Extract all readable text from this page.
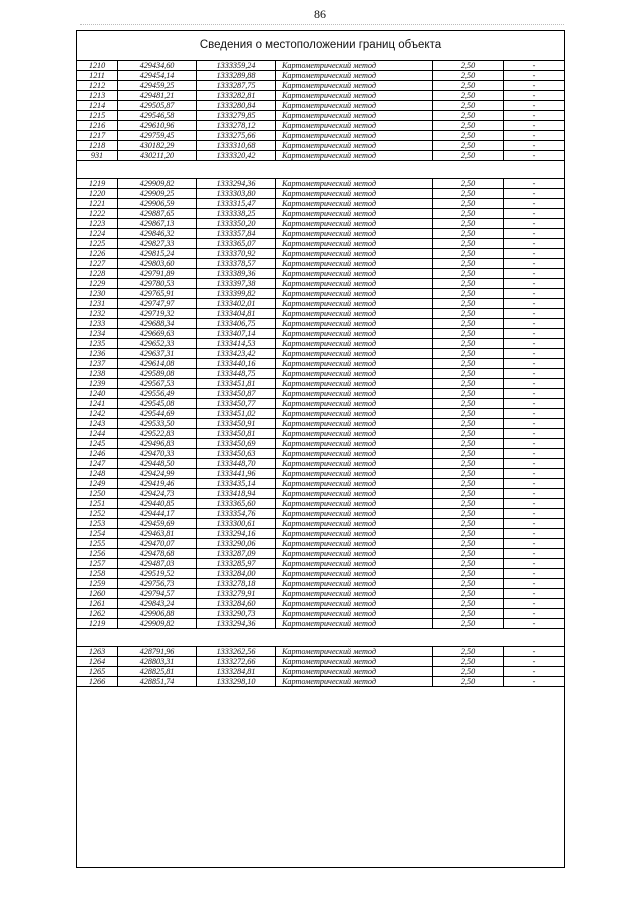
86
Сведения о местоположении границ объекта
1210	429434,60	1333359,24	Картометрический метод	2,50	-
1211	429454,14	1333289,88	Картометрический метод	2,50	-
1212	429459,25	1333287,75	Картометрический метод	2,50	-
1213	429481,21	1333282,81	Картометрический метод	2,50	-
1214	429505,87	1333280,84	Картометрический метод	2,50	-
1215	429546,58	1333279,85	Картометрический метод	2,50	-
1216	429610,96	1333278,12	Картометрический метод	2,50	-
1217	429759,45	1333275,66	Картометрический метод	2,50	-
1218	430182,29	1333310,68	Картометрический метод	2,50	-
931	430211,20	1333320,42	Картометрический метод	2,50	-
1219	429909,82	1333294,36	Картометрический метод	2,50	-
1220	429909,25	1333303,80	Картометрический метод	2,50	-
1221	429906,59	1333315,47	Картометрический метод	2,50	-
1222	429887,65	1333338,25	Картометрический метод	2,50	-
1223	429867,13	1333350,20	Картометрический метод	2,50	-
1224	429846,32	1333357,84	Картометрический метод	2,50	-
1225	429827,33	1333365,07	Картометрический метод	2,50	-
1226	429815,24	1333370,92	Картометрический метод	2,50	-
1227	429803,60	1333378,57	Картометрический метод	2,50	-
1228	429791,89	1333389,36	Картометрический метод	2,50	-
1229	429780,53	1333397,38	Картометрический метод	2,50	-
1230	429765,91	1333399,82	Картометрический метод	2,50	-
1231	429747,97	1333402,01	Картометрический метод	2,50	-
1232	429719,32	1333404,81	Картометрический метод	2,50	-
1233	429688,34	1333406,75	Картометрический метод	2,50	-
1234	429669,63	1333407,14	Картометрический метод	2,50	-
1235	429652,33	1333414,53	Картометрический метод	2,50	-
1236	429637,31	1333423,42	Картометрический метод	2,50	-
1237	429614,08	1333440,16	Картометрический метод	2,50	-
1238	429589,08	1333448,75	Картометрический метод	2,50	-
1239	429567,53	1333451,81	Картометрический метод	2,50	-
1240	429556,49	1333450,87	Картометрический метод	2,50	-
1241	429545,08	1333450,77	Картометрический метод	2,50	-
1242	429544,69	1333451,02	Картометрический метод	2,50	-
1243	429533,50	1333450,91	Картометрический метод	2,50	-
1244	429522,83	1333450,81	Картометрический метод	2,50	-
1245	429496,83	1333450,69	Картометрический метод	2,50	-
1246	429470,33	1333450,63	Картометрический метод	2,50	-
1247	429448,50	1333448,70	Картометрический метод	2,50	-
1248	429424,99	1333441,96	Картометрический метод	2,50	-
1249	429419,46	1333435,14	Картометрический метод	2,50	-
1250	429424,73	1333418,94	Картометрический метод	2,50	-
1251	429440,85	1333365,60	Картометрический метод	2,50	-
1252	429444,17	1333354,76	Картометрический метод	2,50	-
1253	429459,69	1333300,61	Картометрический метод	2,50	-
1254	429463,81	1333294,16	Картометрический метод	2,50	-
1255	429470,07	1333290,06	Картометрический метод	2,50	-
1256	429478,68	1333287,09	Картометрический метод	2,50	-
1257	429487,03	1333285,97	Картометрический метод	2,50	-
1258	429519,52	1333284,00	Картометрический метод	2,50	-
1259	429756,73	1333278,18	Картометрический метод	2,50	-
1260	429794,57	1333279,91	Картометрический метод	2,50	-
1261	429843,24	1333284,60	Картометрический метод	2,50	-
1262	429906,88	1333290,73	Картометрический метод	2,50	-
1219	429909,82	1333294,36	Картометрический метод	2,50	-
1263	428791,96	1333262,56	Картометрический метод	2,50	-
1264	428803,31	1333272,66	Картометрический метод	2,50	-
1265	428825,81	1333284,81	Картометрический метод	2,50	-
1266	428851,74	1333298,10	Картометрический метод	2,50	-
